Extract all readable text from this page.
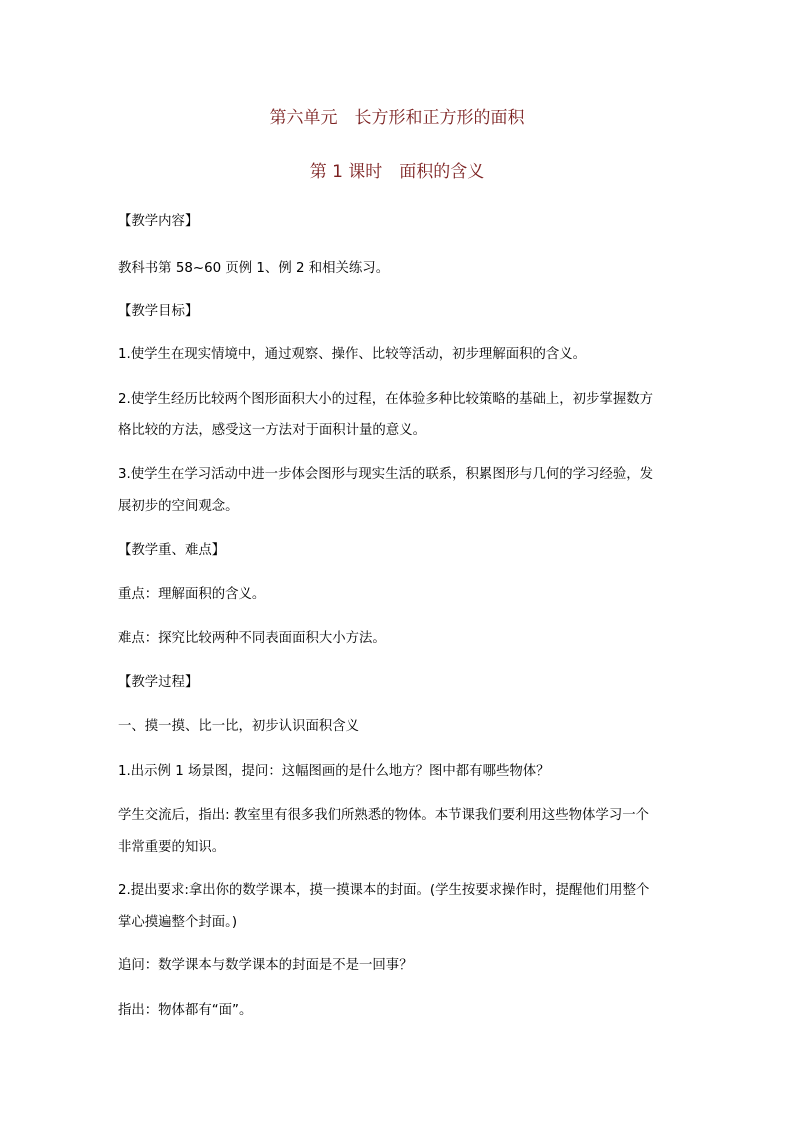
第六单元　长方形和正方形的面积
第 1 课时　面积的含义
【教学内容】
教科书第 58~60 页例 1、例 2 和相关练习。
【教学目标】
1.使学生在现实情境中，通过观察、操作、比较等活动，初步理解面积的含义。
2.使学生经历比较两个图形面积大小的过程，在体验多种比较策略的基础上，初步掌握数方
格比较的方法，感受这一方法对于面积计量的意义。
3.使学生在学习活动中进一步体会图形与现实生活的联系，积累图形与几何的学习经验，发
展初步的空间观念。
【教学重、难点】
重点：理解面积的含义。
难点：探究比较两种不同表面面积大小方法。
【教学过程】
一、摸一摸、比一比，初步认识面积含义
1.出示例 1 场景图，提问：这幅图画的是什么地方？图中都有哪些物体？
学生交流后，指出: 教室里有很多我们所熟悉的物体。本节课我们要利用这些物体学习一个
非常重要的知识。
2.提出要求:拿出你的数学课本，摸一摸课本的封面。(学生按要求操作时，提醒他们用整个
掌心摸遍整个封面。)
追问：数学课本与数学课本的封面是不是一回事？
指出：物体都有“面”。
